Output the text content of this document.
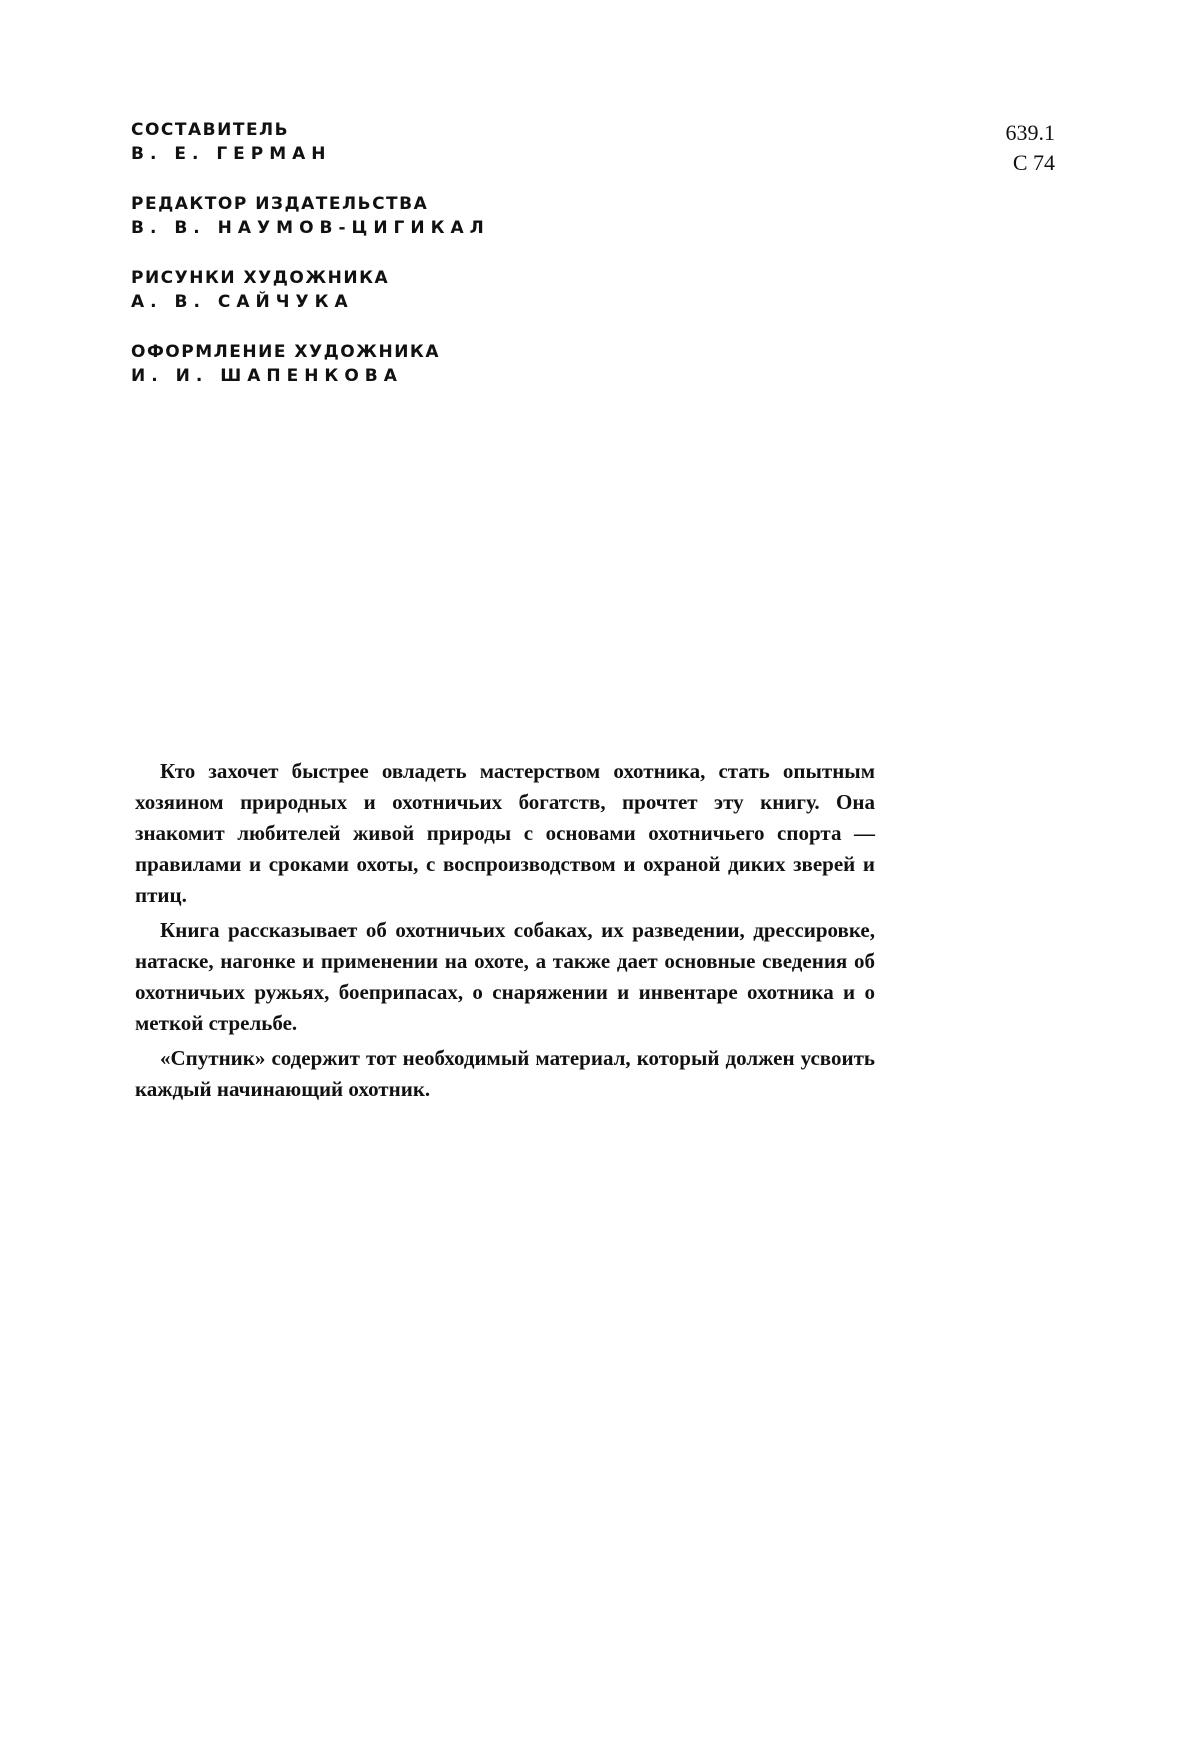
СОСТАВИТЕЛЬ
В. Е. ГЕРМАН
РЕДАКТОР ИЗДАТЕЛЬСТВА
В. В. НАУМОВ-ЦИГИКАЛ
РИСУНКИ ХУДОЖНИКА
А. В. САЙЧУКА
ОФОРМЛЕНИЕ ХУДОЖНИКА
И. И. ШАПЕНКОВА
639.1
С 74

Кто захочет быстрее овладеть мастерством охотника, стать опытным хозяином природных и охотничьих богатств, прочтет эту книгу. Она знакомит любителей живой природы с основами охотничьего спорта — правилами и сроками охоты, с воспроизводством и охраной диких зверей и птиц.

Книга рассказывает об охотничьих собаках, их разведении, дрессировке, натаске, нагонке и применении на охоте, а также дает основные сведения об охотничьих ружьях, боеприпасах, о снаряжении и инвентаре охотника и о меткой стрельбе.

«Спутник» содержит тот необходимый материал, который должен усвоить каждый начинающий охотник.
